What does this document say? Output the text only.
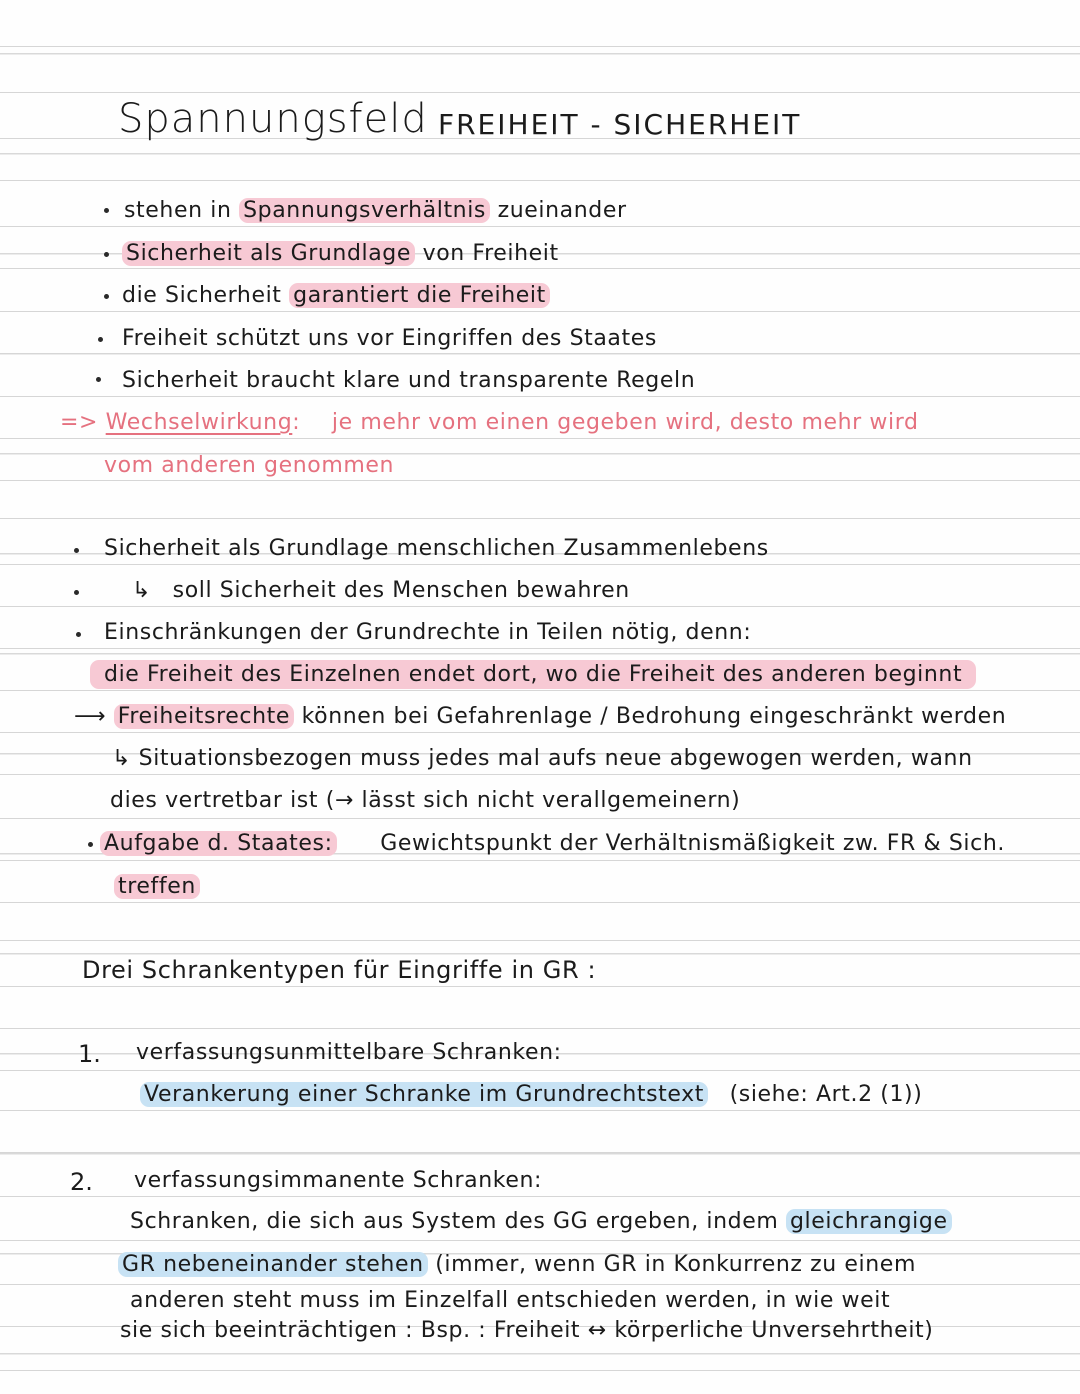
Spannungsfeld FREIHEIT - SICHERHEIT
stehen in Spannungsverhältnis zueinander
Sicherheit als Grundlage von Freiheit
die Sicherheit garantiert die Freiheit
Freiheit schützt uns vor Eingriffen des Staates
Sicherheit braucht klare und transparente Regeln
=> Wechselwirkung: je mehr vom einen gegeben wird, desto mehr wird
vom anderen genommen
Sicherheit als Grundlage menschlichen Zusammenlebens
↳ soll Sicherheit des Menschen bewahren
Einschränkungen der Grundrechte in Teilen nötig, denn:
die Freiheit des Einzelnen endet dort, wo die Freiheit des anderen beginnt
⟶ Freiheitsrechte können bei Gefahrenlage / Bedrohung eingeschränkt werden
↳ Situationsbezogen muss jedes mal aufs neue abgewogen werden, wann
dies vertretbar ist (→ lässt sich nicht verallgemeinern)
Aufgabe d. Staates: Gewichtspunkt der Verhältnismäßigkeit zw. FR & Sich.
treffen
Drei Schrankentypen für Eingriffe in GR :
1. verfassungsunmittelbare Schranken:
Verankerung einer Schranke im Grundrechtstext (siehe: Art.2 (1))
2. verfassungsimmanente Schranken:
Schranken, die sich aus System des GG ergeben, indem gleichrangige
GR nebeneinander stehen (immer, wenn GR in Konkurrenz zu einem
anderen steht muss im Einzelfall entschieden werden, in wie weit
sie sich beeinträchtigen : Bsp. : Freiheit ↔ körperliche Unversehrtheit)
